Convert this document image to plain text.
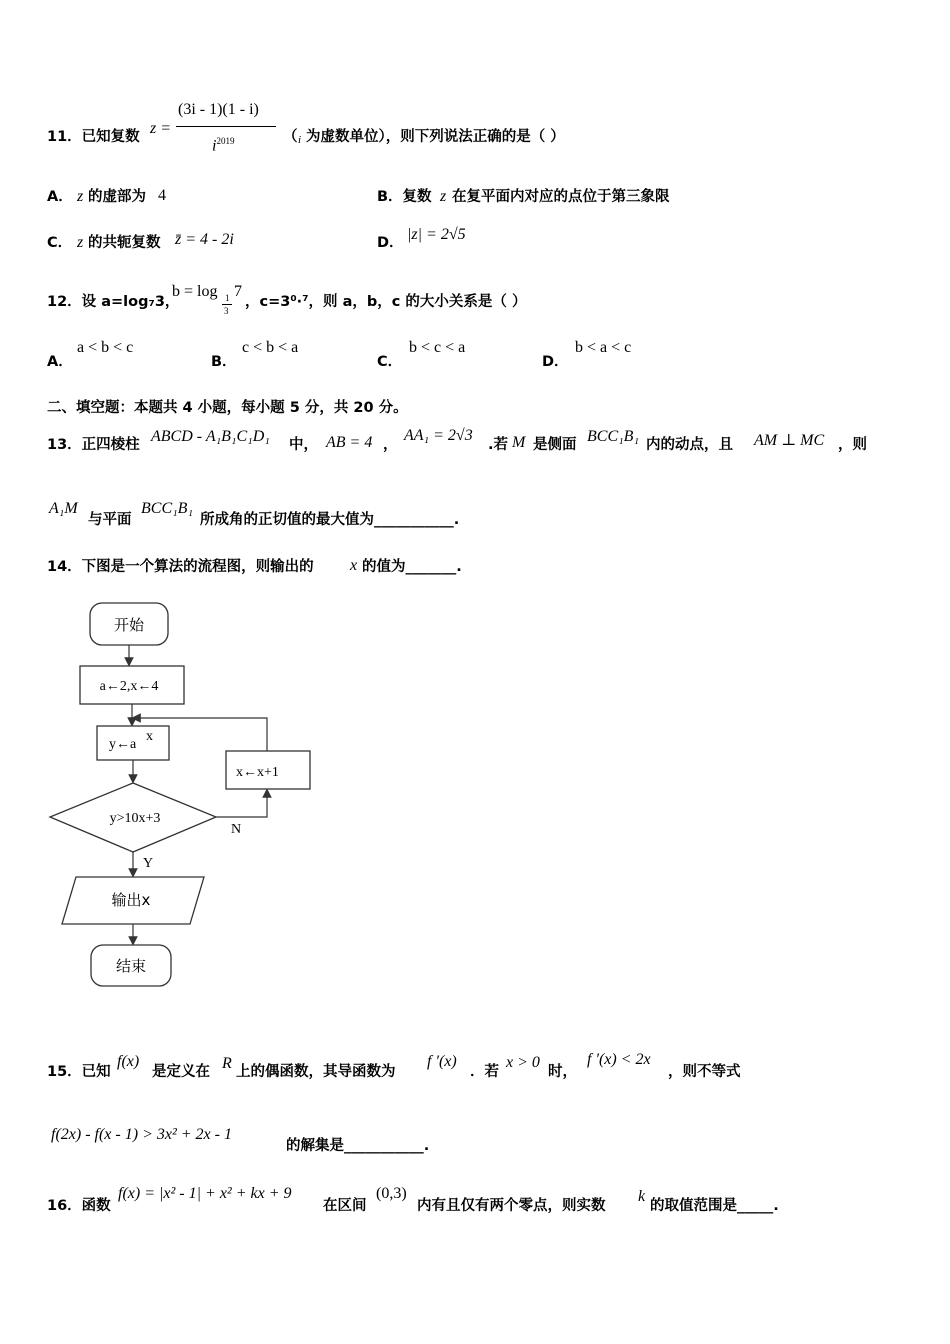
11．已知复数 z =
(3i - 1)(1 - i)
$i^{2019}$	（ i 为虚数单位），则下列说法正确的是（ ）
A． z 的虚部为 4	B．复数 z 在复平面内对应的点位于第三象限
C． z 的共轭复数 z̄ = 4 - 2i	D． |z| = 2√5
12．设 a=log₇3，
b = log 1
3
7
，c=3⁰·⁷，则 a，b，c 的大小关系是（ ）
A．
a < b < c
B．
c < b < a
C．
b < c < a
D．
b < a < c
二、填空题：本题共 4 小题，每小题 5 分，共 20 分。
13．正四棱柱 ABCD - A₁B₁C₁D₁ 中， AB = 4 ，
AA₁ = 2√3
.若 M 是侧面 BCC₁B₁ 内的动点，且 AM ⊥ MC ，则
A₁M
与平面
BCC₁B₁
所成角的正切值的最大值为___________.
14．下图是一个算法的流程图，则输出的 x 的值为_______.
开始
a←2,x←4
y←a
x
x←x+1
y>10x+3
N
Y
输出x
结束
15．已知
f(x)
是定义在 R 上的偶函数，其导函数为
f ′(x)
．若
x > 0
时，
f ′(x) < 2x
，则不等式
f(2x) - f(x - 1) > 3x² + 2x - 1
的解集是___________.
16．函数
f(x) = |x² - 1| + x² + kx + 9
在区间
(0,3)
内有且仅有两个零点，则实数
k
的取值范围是_____.
